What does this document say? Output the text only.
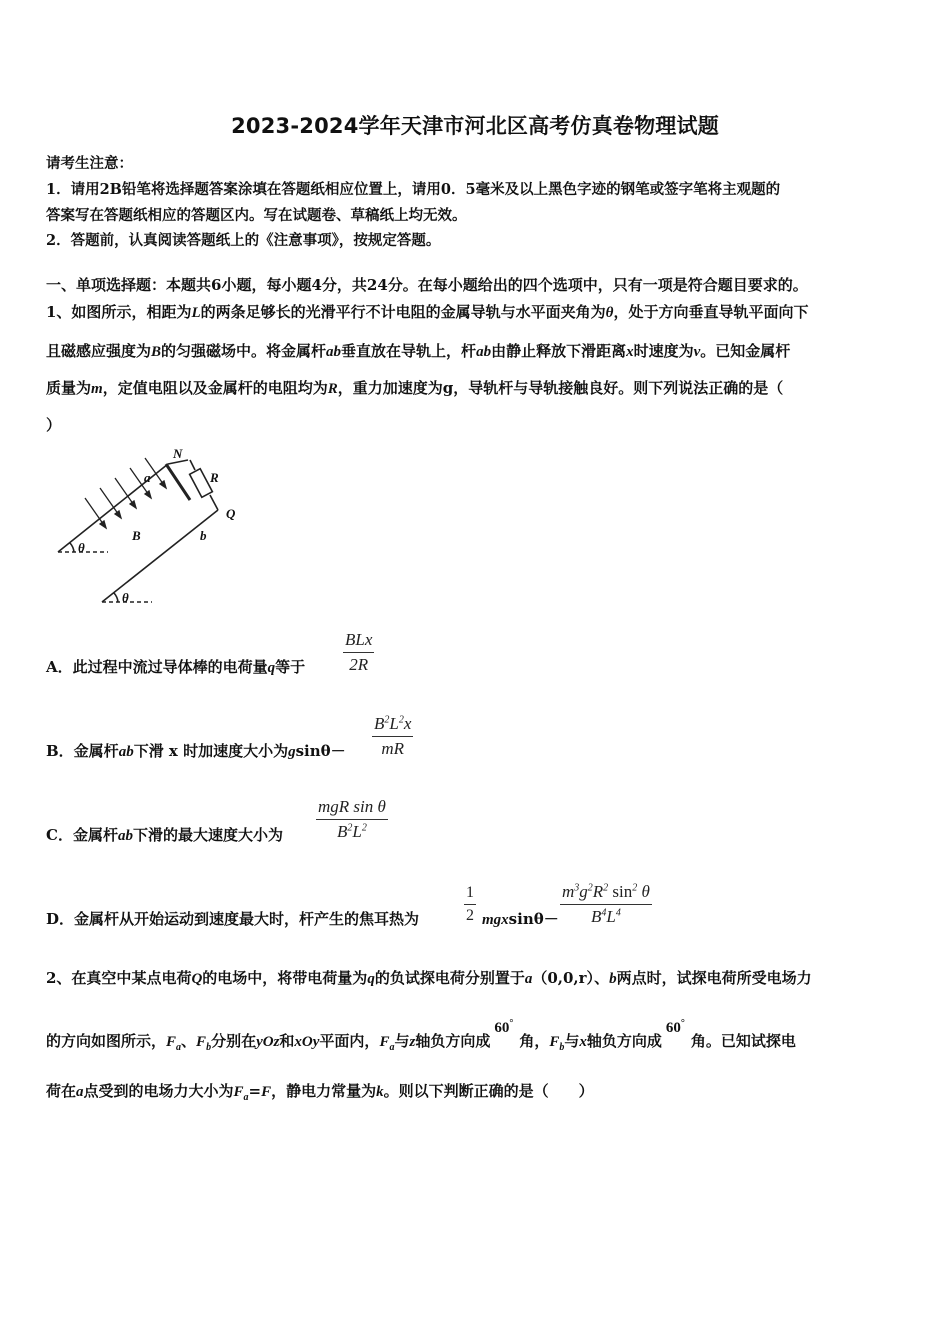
2023-2024学年天津市河北区高考仿真卷物理试题
请考生注意：
1．请用2B铅笔将选择题答案涂填在答题纸相应位置上，请用0．5毫米及以上黑色字迹的钢笔或签字笔将主观题的
答案写在答题纸相应的答题区内。写在试题卷、草稿纸上均无效。
2．答题前，认真阅读答题纸上的《注意事项》，按规定答题。
一、单项选择题：本题共6小题，每小题4分，共24分。在每小题给出的四个选项中，只有一项是符合题目要求的。
1、如图所示，相距为L的两条足够长的光滑平行不计电阻的金属导轨与水平面夹角为θ，处于方向垂直导轨平面向下
且磁感应强度为B的匀强磁场中。将金属杆ab垂直放在导轨上，杆ab由静止释放下滑距离x时速度为v。已知金属杆
质量为m，定值电阻以及金属杆的电阻均为R，重力加速度为g，导轨杆与导轨接触良好。则下列说法正确的是（
）
N
R
Q
a
b
B
θ
θ
A．此过程中流过导体棒的电荷量q等于
BLx
2R
B．金属杆ab下滑 x 时加速度大小为gsinθ－
$B^2L^2x$
mR
C．金属杆ab下滑的最大速度大小为
mgR sin θ
$B^2L^2$
D．金属杆从开始运动到速度最大时，杆产生的焦耳热为
1
2 mgxsinθ－
$m^3g^2R^2$ $\sin^2 \theta$
$B^4L^4$
2、在真空中某点电荷Q的电场中，将带电荷量为q的负试探电荷分别置于a（0,0,r）、b两点时，试探电荷所受电场力
的方向如图所示，$F_a$、$F_b$分别在yOz和xOy平面内，$F_a$与z轴负方向成60°角，$F_b$与x轴负方向成60°角。已知试探电
荷在a点受到的电场力大小为$F_a=F$，静电力常量为k。则以下判断正确的是（　　）
